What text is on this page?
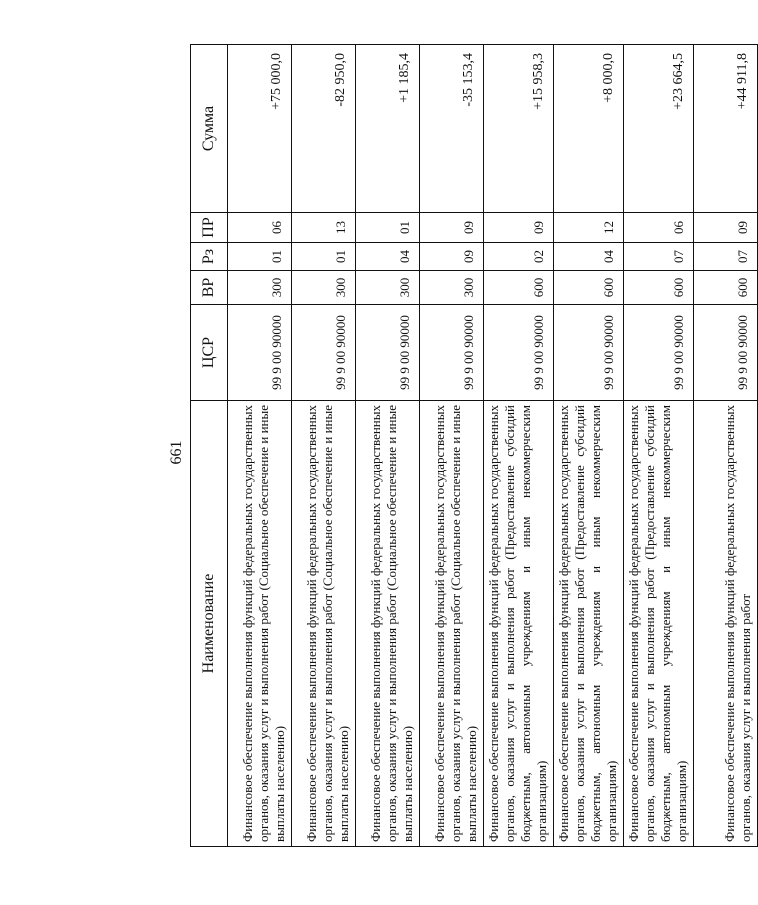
661
Наименование	ЦСР	ВР	Рз	ПР	Сумма
Финансовое обеспечение выполнения функций федеральных государственных органов, оказания услуг и выполнения работ (Социальное обеспечение и иные выплаты населению)	99 9 00 90000	300	01	06	+75 000,0
Финансовое обеспечение выполнения функций федеральных государственных органов, оказания услуг и выполнения работ (Социальное обеспечение и иные выплаты населению)	99 9 00 90000	300	01	13	-82 950,0
Финансовое обеспечение выполнения функций федеральных государственных органов, оказания услуг и выполнения работ (Социальное обеспечение и иные выплаты населению)	99 9 00 90000	300	04	01	+1 185,4
Финансовое обеспечение выполнения функций федеральных государственных органов, оказания услуг и выполнения работ (Социальное обеспечение и иные выплаты населению)	99 9 00 90000	300	09	09	-35 153,4
Финансовое обеспечение выполнения функций федеральных государственных органов, оказания услуг и выполнения работ (Предоставление субсидий бюджетным, автономным учреждениям и иным некоммерческим организациям)	99 9 00 90000	600	02	09	+15 958,3
Финансовое обеспечение выполнения функций федеральных государственных органов, оказания услуг и выполнения работ (Предоставление субсидий бюджетным, автономным учреждениям и иным некоммерческим организациям)	99 9 00 90000	600	04	12	+8 000,0
Финансовое обеспечение выполнения функций федеральных государственных органов, оказания услуг и выполнения работ (Предоставление субсидий бюджетным, автономным учреждениям и иным некоммерческим организациям)	99 9 00 90000	600	07	06	+23 664,5
Финансовое обеспечение выполнения функций федеральных государственных органов, оказания услуг и выполнения работ	99 9 00 90000	600	07	09	+44 911,8
